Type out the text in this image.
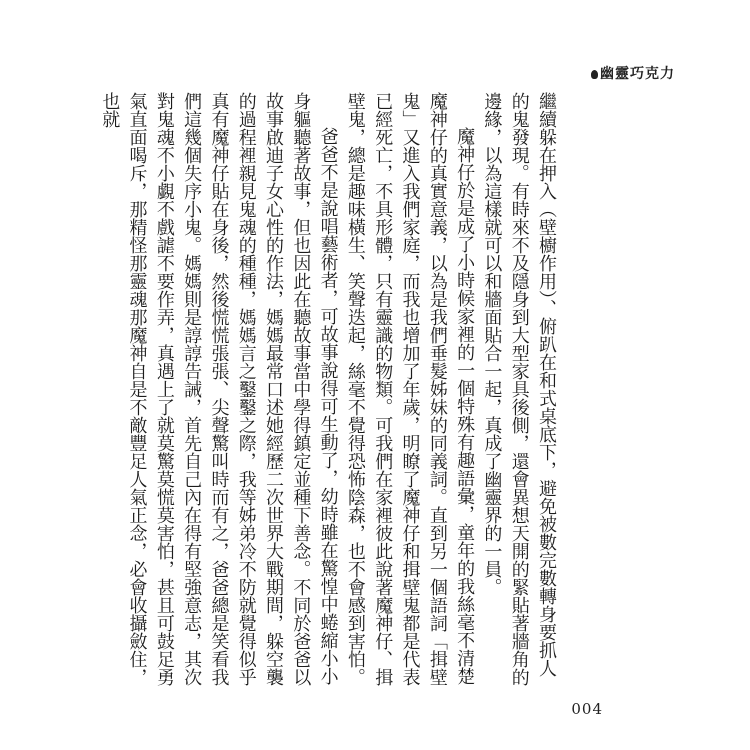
幽靈巧克力

繼續躲在押入（壁櫥作用）、俯趴在和式桌底下，避免被數完數轉身要抓人的鬼發現。有時來不及隱身到大型家具後側，還會異想天開的緊貼著牆角的邊緣，以為這樣就可以和牆面貼合一起，真成了幽靈界的一員。

魔神仔於是成了小時候家裡的一個特殊有趣語彙，童年的我絲毫不清楚魔神仔的真實意義，以為是我們垂髮姊妹的同義詞。直到另一個語詞「揖壁鬼」又進入我們家庭，而我也增加了年歲，明瞭了魔神仔和揖壁鬼都是代表已經死亡，不具形體，只有靈識的物類。可我們在家裡彼此說著魔神仔、揖壁鬼，總是趣味橫生、笑聲迭起，絲毫不覺得恐怖陰森，也不會感到害怕。

爸爸不是說唱藝術者，可故事說得可生動了，幼時雖在驚惶中蜷縮小小身軀聽著故事，但也因此在聽故事當中學得鎮定並種下善念。不同於爸爸以故事啟迪子女心性的作法，媽媽最常口述她經歷二次世界大戰期間，躲空襲的過程裡親見鬼魂的種種，媽媽言之鑿鑿之際，我等姊弟冷不防就覺得似乎真有魔神仔貼在身後，然後慌慌張張、尖聲驚叫時而有之，爸爸總是笑看我們這幾個失序小鬼。媽媽則是諄諄告誡，首先自己內在得有堅強意志，其次對鬼魂不小覷不戲謔不要作弄，真遇上了就莫驚莫慌莫害怕，甚且可鼓足勇氣直面喝斥，那精怪那靈魂那魔神自是不敵豐足人氣正念，必會收攝斂住，也就

004
